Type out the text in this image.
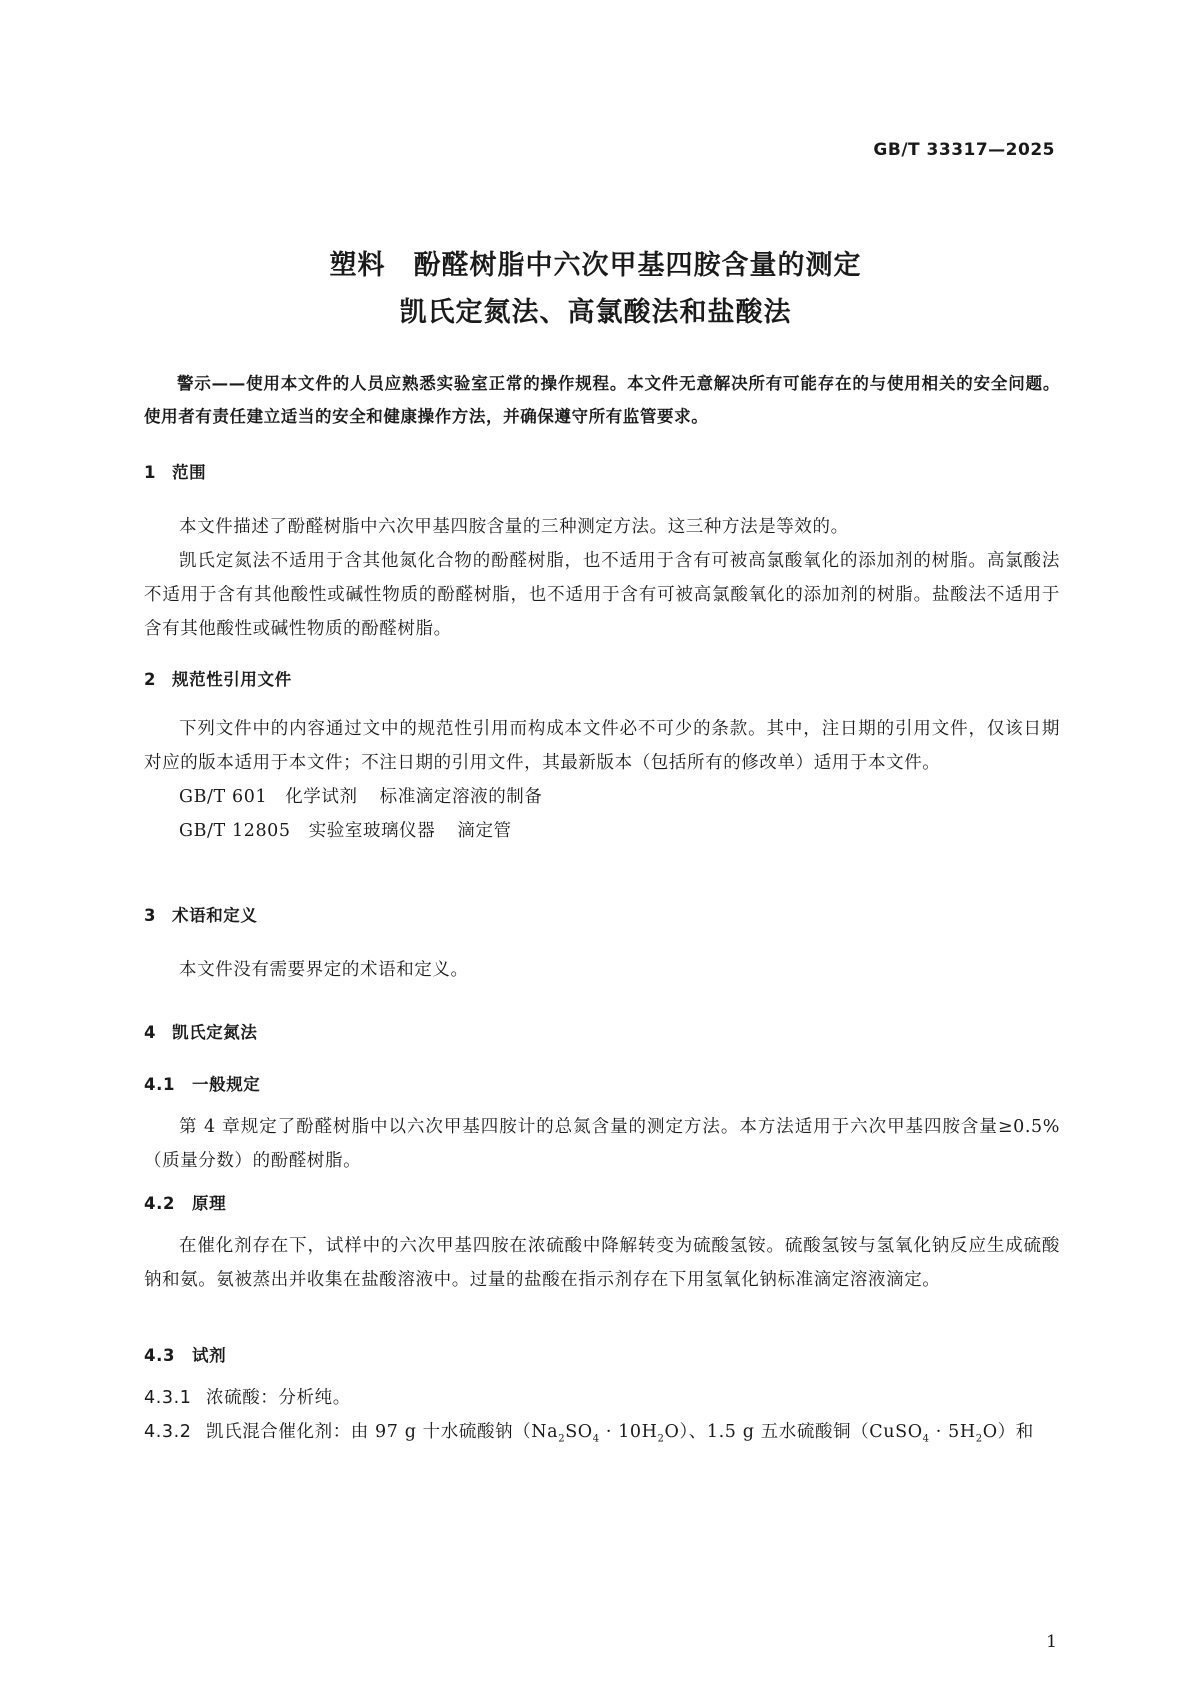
GB/T 33317—2025
塑料　酚醛树脂中六次甲基四胺含量的测定
凯氏定氮法、高氯酸法和盐酸法

警示——使用本文件的人员应熟悉实验室正常的操作规程。本文件无意解决所有可能存在的与使用相关的安全问题。使用者有责任建立适当的安全和健康操作方法，并确保遵守所有监管要求。

1 范围

本文件描述了酚醛树脂中六次甲基四胺含量的三种测定方法。这三种方法是等效的。

凯氏定氮法不适用于含其他氮化合物的酚醛树脂，也不适用于含有可被高氯酸氧化的添加剂的树脂。高氯酸法不适用于含有其他酸性或碱性物质的酚醛树脂，也不适用于含有可被高氯酸氧化的添加剂的树脂。盐酸法不适用于含有其他酸性或碱性物质的酚醛树脂。

2 规范性引用文件

下列文件中的内容通过文中的规范性引用而构成本文件必不可少的条款。其中，注日期的引用文件，仅该日期对应的版本适用于本文件；不注日期的引用文件，其最新版本（包括所有的修改单）适用于本文件。

GB/T 601 化学试剂 标准滴定溶液的制备

GB/T 12805 实验室玻璃仪器 滴定管

3 术语和定义

本文件没有需要界定的术语和定义。

4 凯氏定氮法

4.1 一般规定

第 4 章规定了酚醛树脂中以六次甲基四胺计的总氮含量的测定方法。本方法适用于六次甲基四胺含量≥0.5%（质量分数）的酚醛树脂。

4.2 原理

在催化剂存在下，试样中的六次甲基四胺在浓硫酸中降解转变为硫酸氢铵。硫酸氢铵与氢氧化钠反应生成硫酸钠和氨。氨被蒸出并收集在盐酸溶液中。过量的盐酸在指示剂存在下用氢氧化钠标准滴定溶液滴定。

4.3 试剂

4.3.1 浓硫酸：分析纯。

4.3.2 凯氏混合催化剂：由 97 g 十水硫酸钠$(Na_2SO_4 \cdot 10H_2O)$、1.5 g 五水硫酸铜（CuSO$_4$ · $5H_2O$）和

1
